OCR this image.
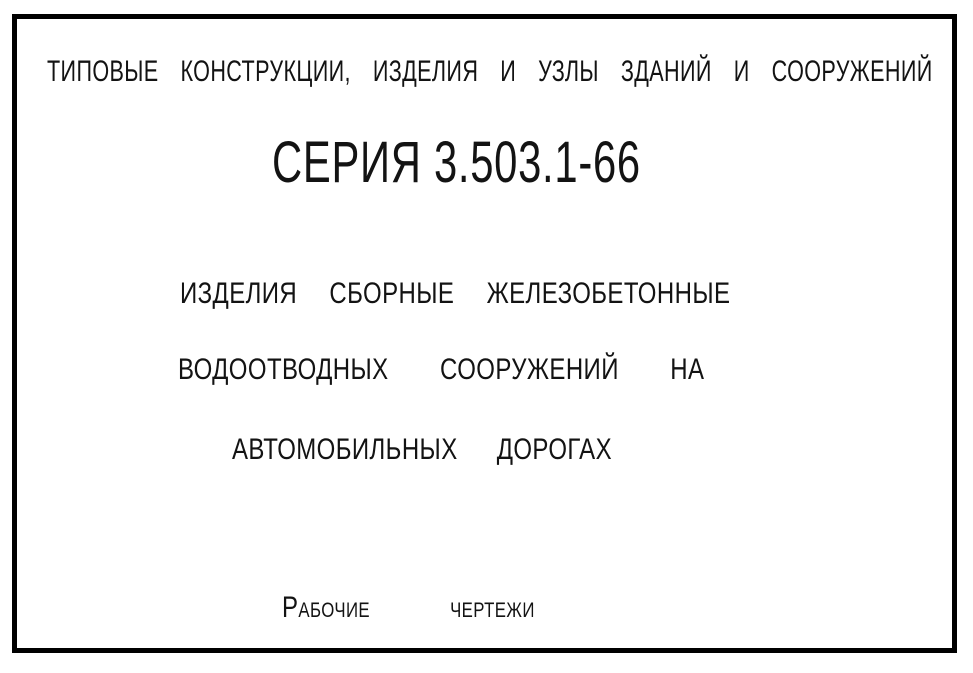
ТИПОВЫЕ КОНСТРУКЦИИ, ИЗДЕЛИЯ И УЗЛЫ ЗДАНИЙ И СООРУЖЕНИЙ
СЕРИЯ 3.503.1-66
ИЗДЕЛИЯ СБОРНЫЕ ЖЕЛЕЗОБЕТОННЫЕ
ВОДООТВОДНЫХ СООРУЖЕНИЙ НА
АВТОМОБИЛЬНЫХ ДОРОГАХ
Рабочие чертежи
